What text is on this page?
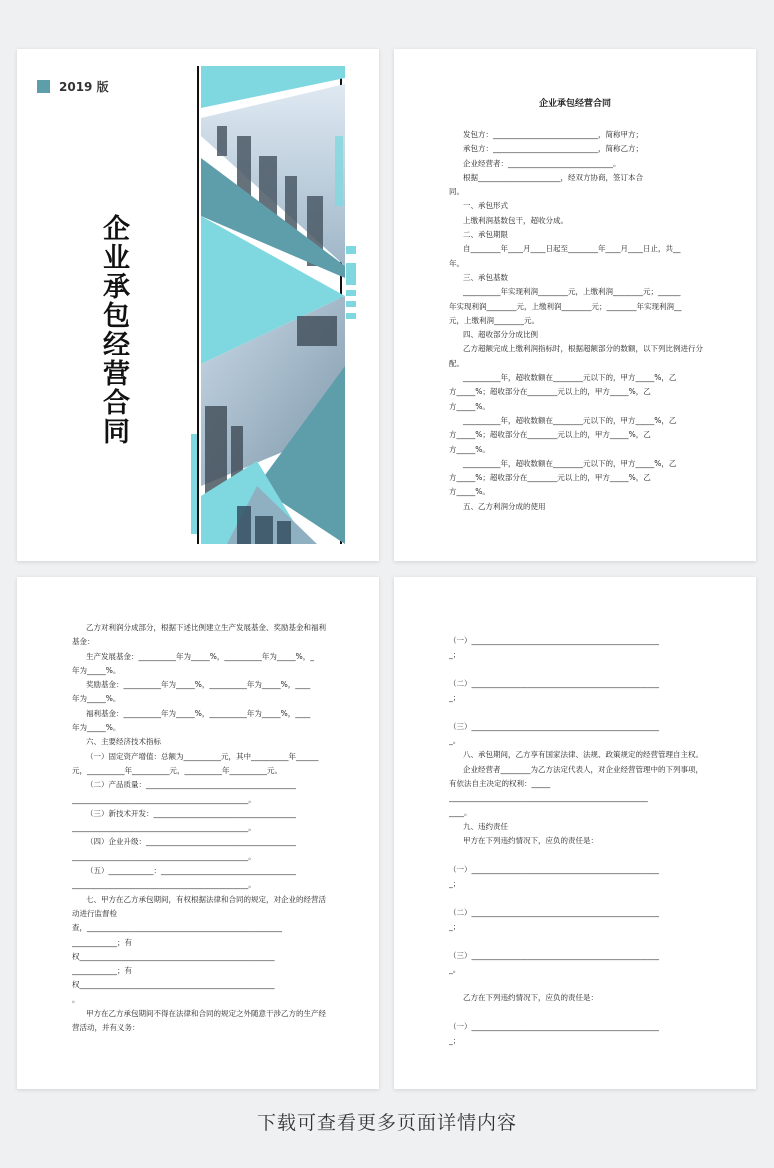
2019 版
企业承包经营合同
企业承包经营合同
发包方：____________________________，简称甲方；
承包方：____________________________，简称乙方；
企业经营者：____________________________。
根据______________________，经双方协商，签订本合
同。
一、承包形式
上缴利润基数包干，超收分成。
二、承包期限
自________年____月____日起至________年____月____日止，共__
年。
三、承包基数
__________年实现利润________元，上缴利润________元；______
年实现利润________元，上缴利润________元；________年实现利润__
元，上缴利润________元。
四、超收部分分成比例
乙方超额完成上缴利润指标时，根据超额部分的数额，以下列比例进行分
配。
__________年，超收数额在________元以下的，甲方_____%，乙
方_____%；超收部分在________元以上的，甲方_____%，乙
方_____%。
__________年，超收数额在________元以下的，甲方_____%，乙
方_____%；超收部分在________元以上的，甲方_____%，乙
方_____%。
__________年，超收数额在________元以下的，甲方_____%，乙
方_____%；超收部分在________元以上的，甲方_____%，乙
方_____%。
五、乙方利润分成的使用
乙方对利润分成部分，根据下述比例建立生产发展基金、奖励基金和福利
基金：
生产发展基金：__________年为_____%，__________年为_____%，_
年为_____%。
奖励基金：__________年为_____%，__________年为_____%，____
年为_____%。
福利基金：__________年为_____%，__________年为_____%，____
年为_____%。
六、主要经济技术指标
（一）固定资产增值：总额为__________元，其中__________年______
元，__________年__________元，__________年__________元。
（二）产品质量：________________________________________
_______________________________________________。
（三）新技术开发：______________________________________
_______________________________________________。
（四）企业升级：________________________________________
_______________________________________________。
（五）____________：____________________________________
_______________________________________________。
七、甲方在乙方承包期间，有权根据法律和合同的规定，对企业的经营活
动进行监督检
查，____________________________________________________
____________；有
权____________________________________________________
____________；有
权____________________________________________________
。
甲方在乙方承包期间不得在法律和合同的规定之外随意干涉乙方的生产经
营活动，并有义务：
（一）__________________________________________________
_；

（二）__________________________________________________
_；

（三）__________________________________________________
_。
八、承包期间，乙方享有国家法律、法规、政策规定的经营管理自主权。
企业经营者________为乙方法定代表人，对企业经营管理中的下列事项，
有依法自主决定的权利：_____
_____________________________________________________
____。
九、违约责任
甲方在下列违约情况下，应负的责任是：

（一）__________________________________________________
_；

（二）__________________________________________________
_；

（三）__________________________________________________
_。

乙方在下列违约情况下，应负的责任是：

（一）__________________________________________________
_；
下载可查看更多页面详情内容
